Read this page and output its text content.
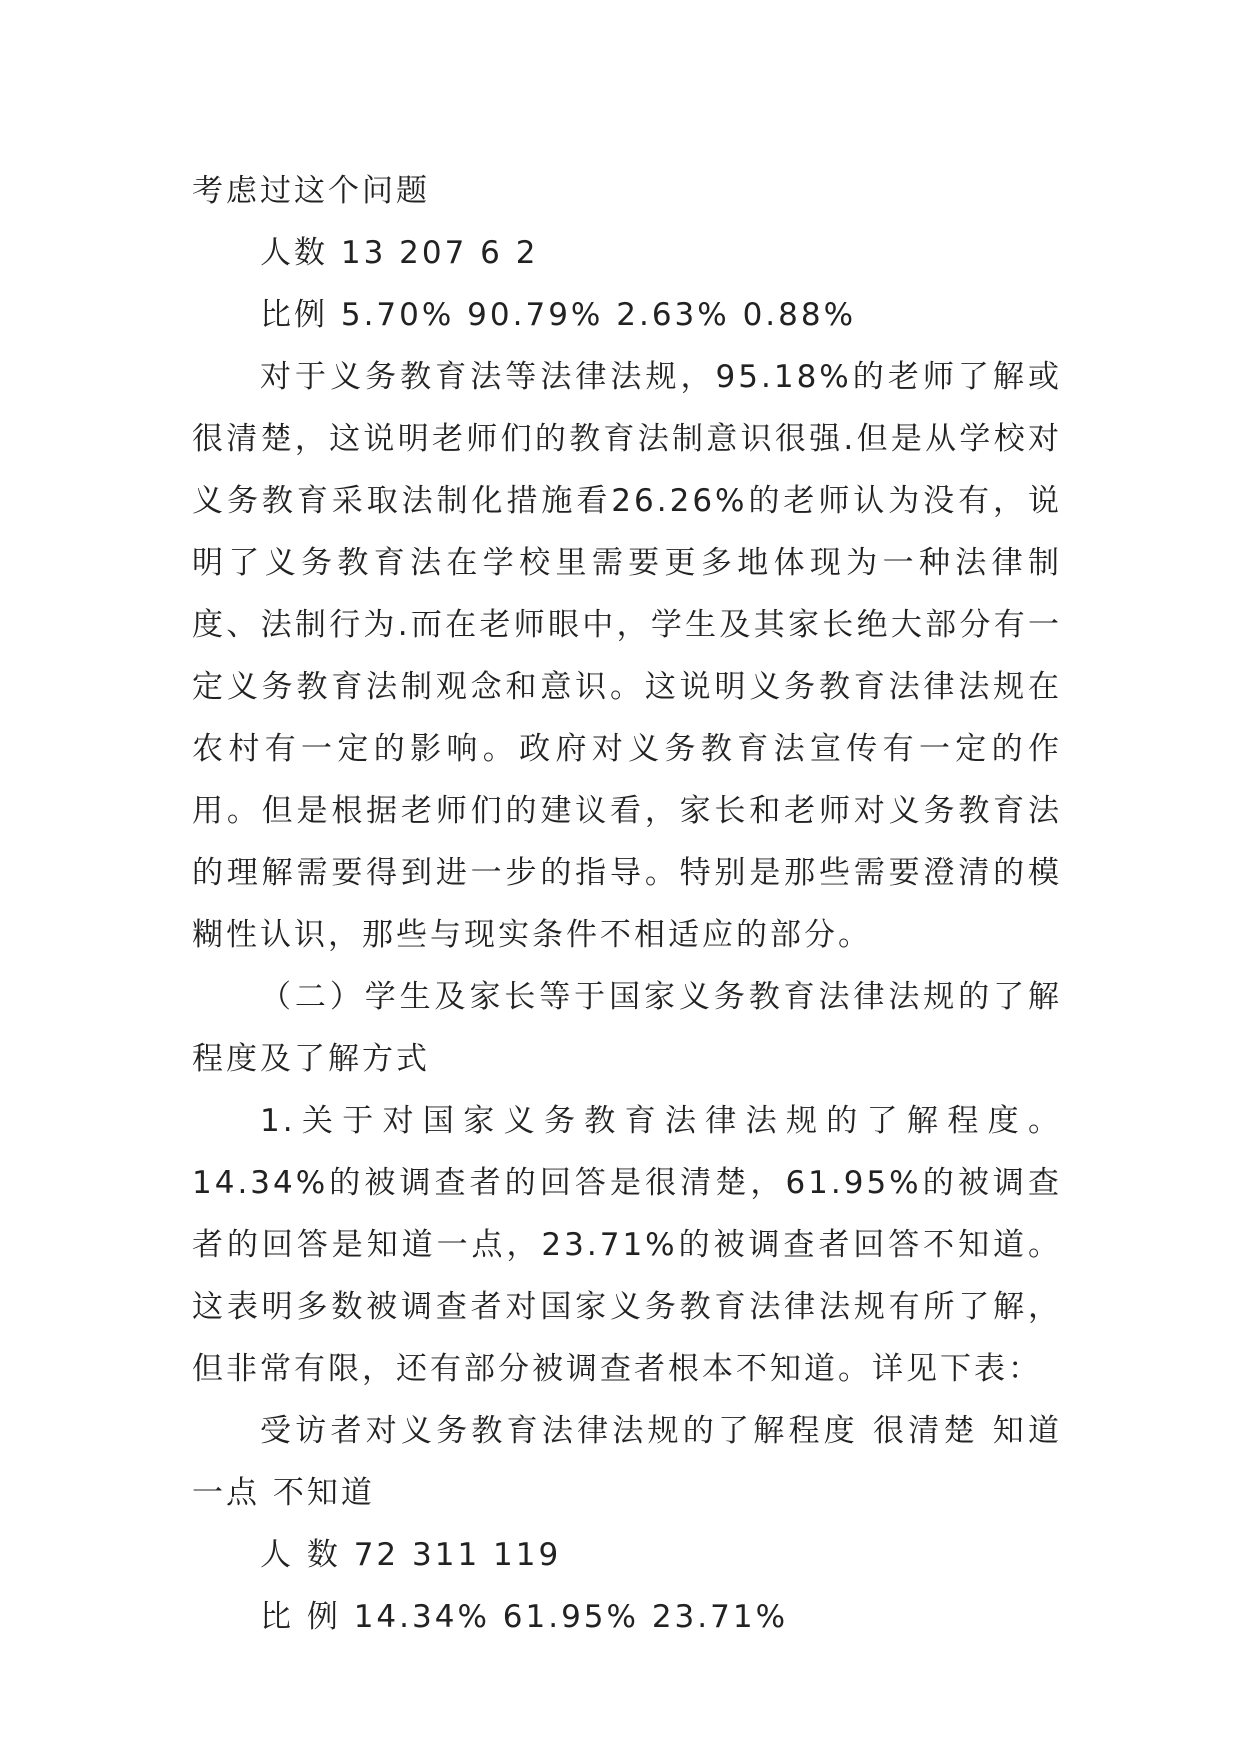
考虑过这个问题

人数 13 207 6 2

比例 5.70% 90.79% 2.63% 0.88%

对于义务教育法等法律法规，95.18%的老师了解或很清楚，这说明老师们的教育法制意识很强.但是从学校对义务教育采取法制化措施看26.26%的老师认为没有，说明了义务教育法在学校里需要更多地体现为一种法律制度、法制行为.而在老师眼中，学生及其家长绝大部分有一定义务教育法制观念和意识。这说明义务教育法律法规在农村有一定的影响。政府对义务教育法宣传有一定的作用。但是根据老师们的建议看，家长和老师对义务教育法的理解需要得到进一步的指导。特别是那些需要澄清的模糊性认识，那些与现实条件不相适应的部分。

（二）学生及家长等于国家义务教育法律法规的了解程度及了解方式

1.关于对国家义务教育法律法规的了解程度。14.34%的被调查者的回答是很清楚，61.95%的被调查者的回答是知道一点，23.71%的被调查者回答不知道。这表明多数被调查者对国家义务教育法律法规有所了解，但非常有限，还有部分被调查者根本不知道。详见下表：

受访者对义务教育法律法规的了解程度 很清楚 知道一点 不知道

人 数 72 311 119

比 例 14.34% 61.95% 23.71%
